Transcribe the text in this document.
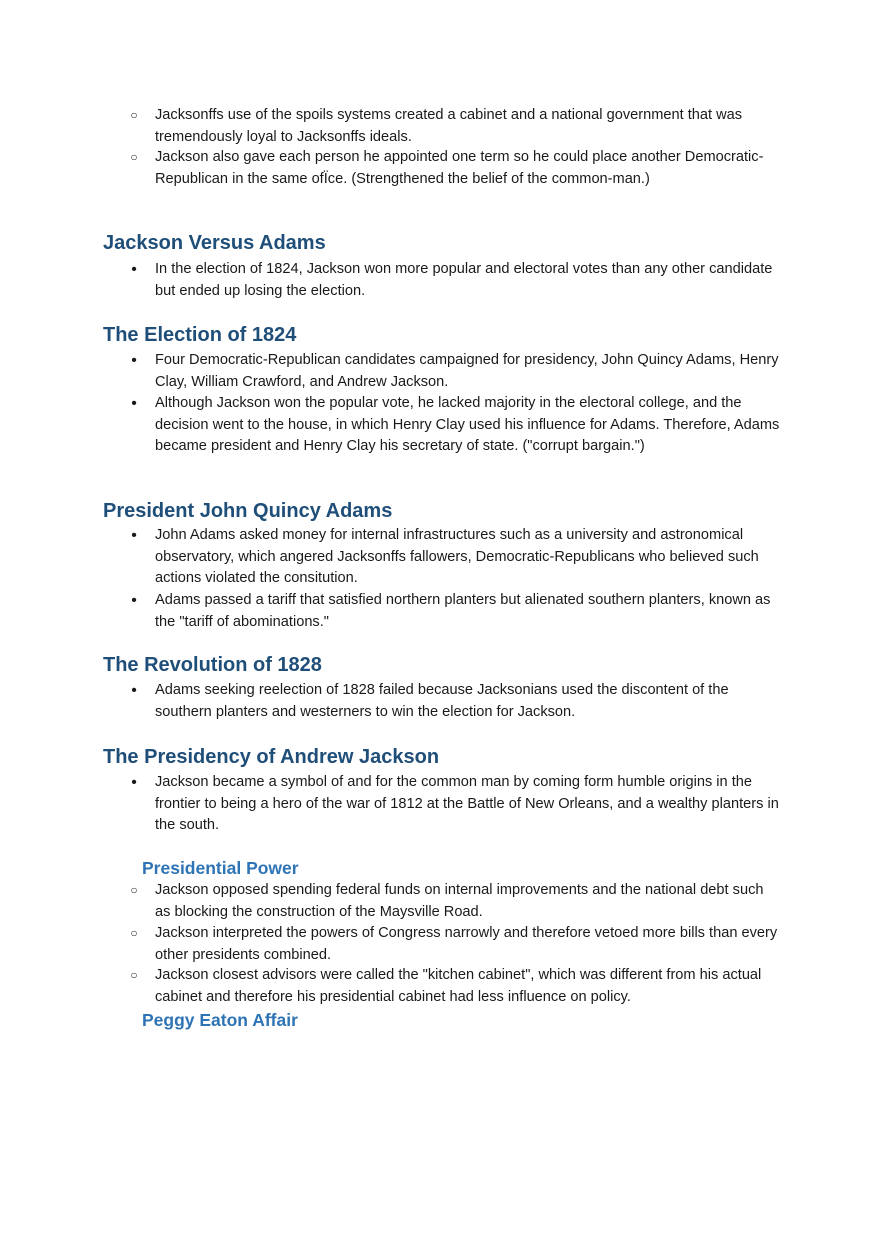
○ Jacksonffs use of the spoils systems created a cabinet and a national government that was tremendously loyal to Jacksonffs ideals.
○ Jackson also gave each person he appointed one term so he could place another Democratic-Republican in the same ofÏce. (Strengthened the belief of the common-man.)
Jackson Versus Adams
• In the election of 1824, Jackson won more popular and electoral votes than any other candidate but ended up losing the election.
The Election of 1824
• Four Democratic-Republican candidates campaigned for presidency, John Quincy Adams, Henry Clay, William Crawford, and Andrew Jackson.
• Although Jackson won the popular vote, he lacked majority in the electoral college, and the decision went to the house, in which Henry Clay used his influence for Adams. Therefore, Adams became president and Henry Clay his secretary of state. ("corrupt bargain.")
President John Quincy Adams
• John Adams asked money for internal infrastructures such as a university and astronomical observatory, which angered Jacksonffs fallowers, Democratic-Republicans who believed such actions violated the consitution.
• Adams passed a tariff that satisfied northern planters but alienated southern planters, known as the "tariff of abominations."
The Revolution of 1828
• Adams seeking reelection of 1828 failed because Jacksonians used the discontent of the southern planters and westerners to win the election for Jackson.
The Presidency of Andrew Jackson
• Jackson became a symbol of and for the common man by coming form humble origins in the frontier to being a hero of the war of 1812 at the Battle of New Orleans, and a wealthy planters in the south.
Presidential Power
○ Jackson opposed spending federal funds on internal improvements and the national debt such as blocking the construction of the Maysville Road.
○ Jackson interpreted the powers of Congress narrowly and therefore vetoed more bills than every other presidents combined.
○ Jackson closest advisors were called the "kitchen cabinet", which was different from his actual cabinet and therefore his presidential cabinet had less influence on policy.
Peggy Eaton Affair
